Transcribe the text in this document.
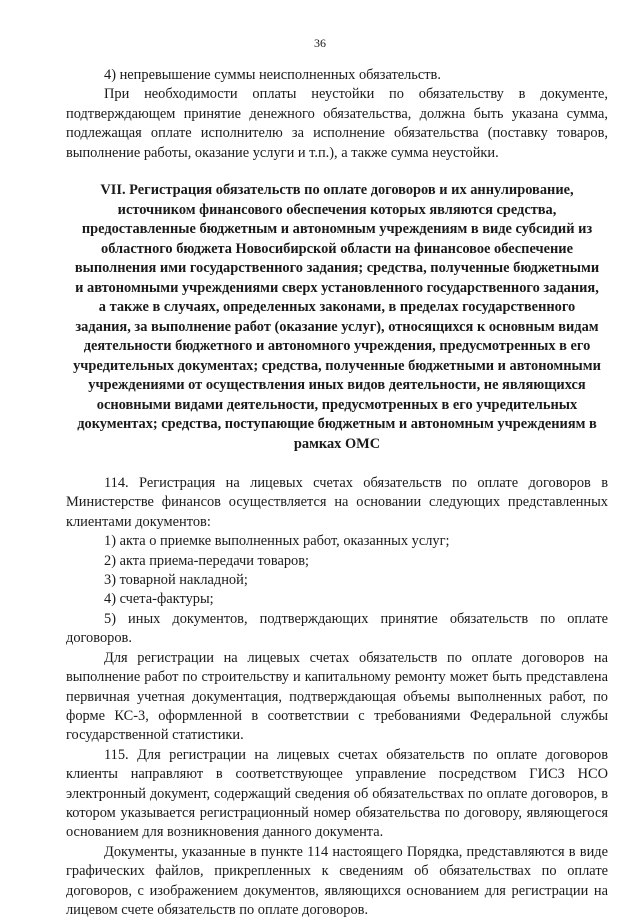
36

4) непревышение суммы неисполненных обязательств.

При необходимости оплаты неустойки по обязательству в документе, подтверждающем принятие денежного обязательства, должна быть указана сумма, подлежащая оплате исполнителю за исполнение обязательства (поставку товаров, выполнение работы, оказание услуги и т.п.), а также сумма неустойки.

VII. Регистрация обязательств по оплате договоров и их аннулирование, источником финансового обеспечения которых являются средства, предоставленные бюджетным и автономным учреждениям в виде субсидий из областного бюджета Новосибирской области на финансовое обеспечение выполнения ими государственного задания; средства, полученные бюджетными и автономными учреждениями сверх установленного государственного задания, а также в случаях, определенных законами, в пределах государственного задания, за выполнение работ (оказание услуг), относящихся к основным видам деятельности бюджетного и автономного учреждения, предусмотренных в его учредительных документах; средства, полученные бюджетными и автономными учреждениями от осуществления иных видов деятельности, не являющихся основными видами деятельности, предусмотренных в его учредительных документах; средства, поступающие бюджетным и автономным учреждениям в рамках ОМС

114. Регистрация на лицевых счетах обязательств по оплате договоров в Министерстве финансов осуществляется на основании следующих представленных клиентами документов:

1) акта о приемке выполненных работ, оказанных услуг;

2) акта приема-передачи товаров;

3) товарной накладной;

4) счета-фактуры;

5) иных документов, подтверждающих принятие обязательств по оплате договоров.

Для регистрации на лицевых счетах обязательств по оплате договоров на выполнение работ по строительству и капитальному ремонту может быть представлена первичная учетная документация, подтверждающая объемы выполненных работ, по форме КС-3, оформленной в соответствии с требованиями Федеральной службы государственной статистики.

115. Для регистрации на лицевых счетах обязательств по оплате договоров клиенты направляют в соответствующее управление посредством ГИСЗ НСО электронный документ, содержащий сведения об обязательствах по оплате договоров, в котором указывается регистрационный номер обязательства по договору, являющегося основанием для возникновения данного документа.

Документы, указанные в пункте 114 настоящего Порядка, представляются в виде графических файлов, прикрепленных к сведениям об обязательствах по оплате договоров, с изображением документов, являющихся основанием для регистрации на лицевом счете обязательств по оплате договоров.
